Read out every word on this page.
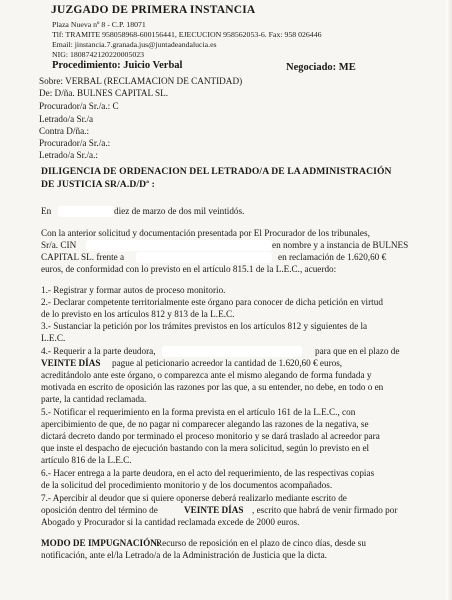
JUZGADO DE PRIMERA INSTANCIA
Plaza Nueva nº 8 - C.P. 18071
Tlf: TRAMITE 958058968-600156441, EJECUCION 958562053-6. Fax: 958 026446
Email: jinstancia.7.granada.jus@juntadeandalucia.es
NIG: 1808742120220005023
Procedimiento: Juicio Verbal	Negociado: ME
Sobre: VERBAL (RECLAMACION DE CANTIDAD)
De: D/ña. BULNES CAPITAL SL.
Procurador/a Sr./a.: C
Letrado/a Sr./a
Contra D/ña.:
Procurador/a Sr./a.:
Letrado/a Sr./a.:
DILIGENCIA DE ORDENACION DEL LETRADO/A DE LA ADMINISTRACIÓN
DE JUSTICIA SR/A.D/Dª :
En	diez de marzo de dos mil veintidós.
Con la anterior solicitud y documentación presentada por El Procurador de los tribunales,
Sr/a. CIN	en nombre y a instancia de BULNES
CAPITAL SL. frente a	en reclamación de 1.620,60 €
euros, de conformidad con lo previsto en el artículo 815.1 de la L.E.C., acuerdo:
1.- Registrar y formar autos de proceso monitorio.
2.- Declarar competente territorialmente este órgano para conocer de dicha petición en virtud
de lo previsto en los artículos 812 y 813 de la L.E.C.
3.- Sustanciar la petición por los trámites previstos en los artículos 812 y siguientes de la
L.E.C.
4.- Requerir a la parte deudora,	para que en el plazo de
VEINTE DÍAS pague al peticionario acreedor la cantidad de 1.620,60 € euros,
acreditándolo ante este órgano, o comparezca ante el mismo alegando de forma fundada y
motivada en escrito de oposición las razones por las que, a su entender, no debe, en todo o en
parte, la cantidad reclamada.
5.- Notificar el requerimiento en la forma prevista en el artículo 161 de la L.E.C., con
apercibimiento de que, de no pagar ni comparecer alegando las razones de la negativa, se
dictará decreto dando por terminado el proceso monitorio y se dará traslado al acreedor para
que inste el despacho de ejecución bastando con la mera solicitud, según lo previsto en el
artículo 816 de la L.E.C.
6.- Hacer entrega a la parte deudora, en el acto del requerimiento, de las respectivas copias
de la solicitud del procedimiento monitorio y de los documentos acompañados.
7.- Apercibir al deudor que si quiere oponerse deberá realizarlo mediante escrito de
oposición dentro del término de	VEINTE DÍAS , escrito que habrá de venir firmado por
Abogado y Procurador si la cantidad reclamada excede de 2000 euros.
MODO DE IMPUGNACIÓN:
Recurso de reposición en el plazo de cinco días, desde su
notificación, ante el/la Letrado/a de la Administración de Justicia que la dicta.
